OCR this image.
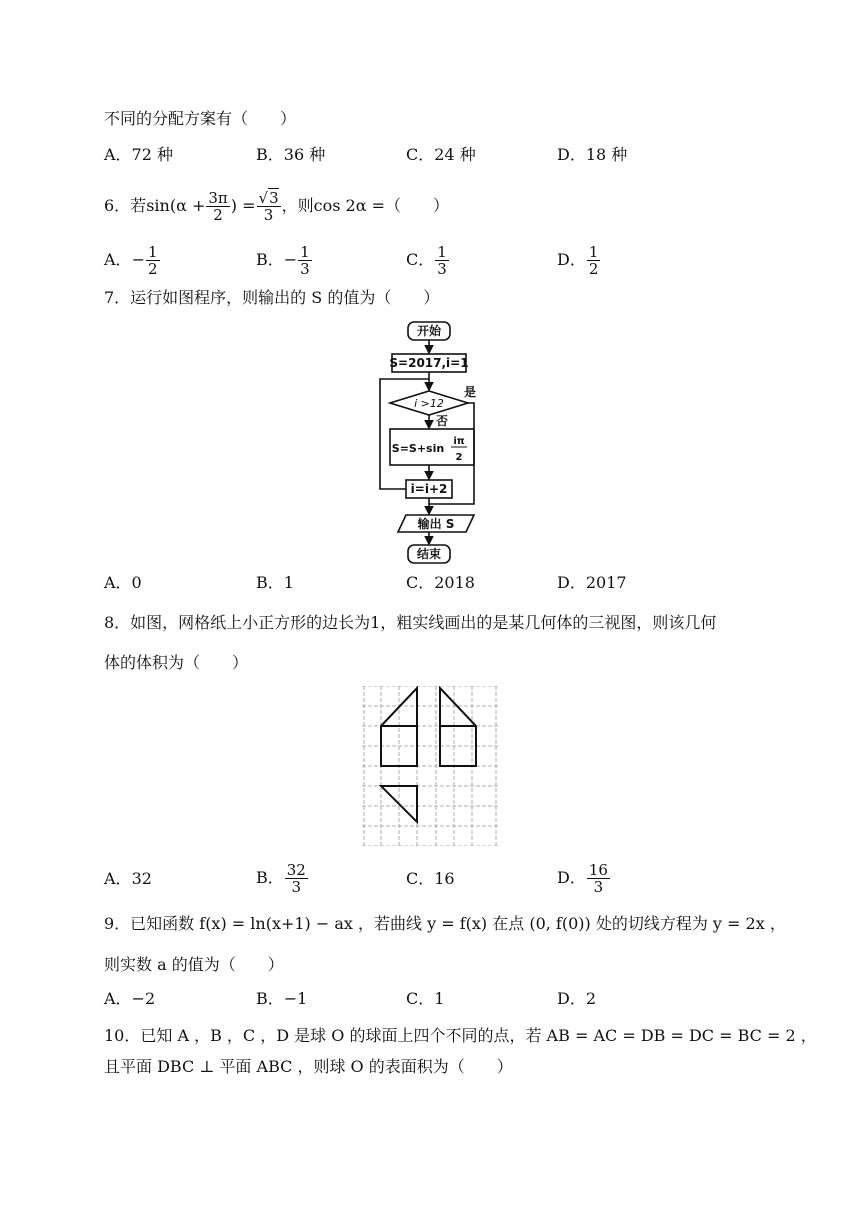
不同的分配方案有（　　）
A．72 种	B．36 种	C．24 种	D．18 种
6．若$\sin(\alpha + \frac{3\pi}{2}$ ) = $\frac{√3}{3}$ ，则cos 2α =（　　）
A．− $\frac{1}{2}$	B．− $\frac{1}{3}$	C． $\frac{1}{3}$	D． $\frac{1}{2}$
7．运行如图程序，则输出的 S 的值为（　　）
开始
S=2017,i=1
i >12
是
否
S=S+sin
iπ
2
i=i+2
输出 S
结束
A．0	B．1	C．2018	D．2017
8．如图，网格纸上小正方形的边长为1，粗实线画出的是某几何体的三视图，则该几何
体的体积为（　　）
A．32	B． $\frac{32}{3}$	C．16	D． $\frac{16}{3}$
9．已知函数 f(x) = ln(x+1) − ax ，若曲线 y = f(x) 在点 (0, f(0)) 处的切线方程为 y = 2x ，
则实数 a 的值为（　　）
A．−2	B．−1	C．1	D．2
10．已知 A ，B ，C ，D 是球 O 的球面上四个不同的点，若 AB = AC = DB = DC = BC = 2 ，
且平面 DBC ⊥ 平面 ABC ，则球 O 的表面积为（　　）
